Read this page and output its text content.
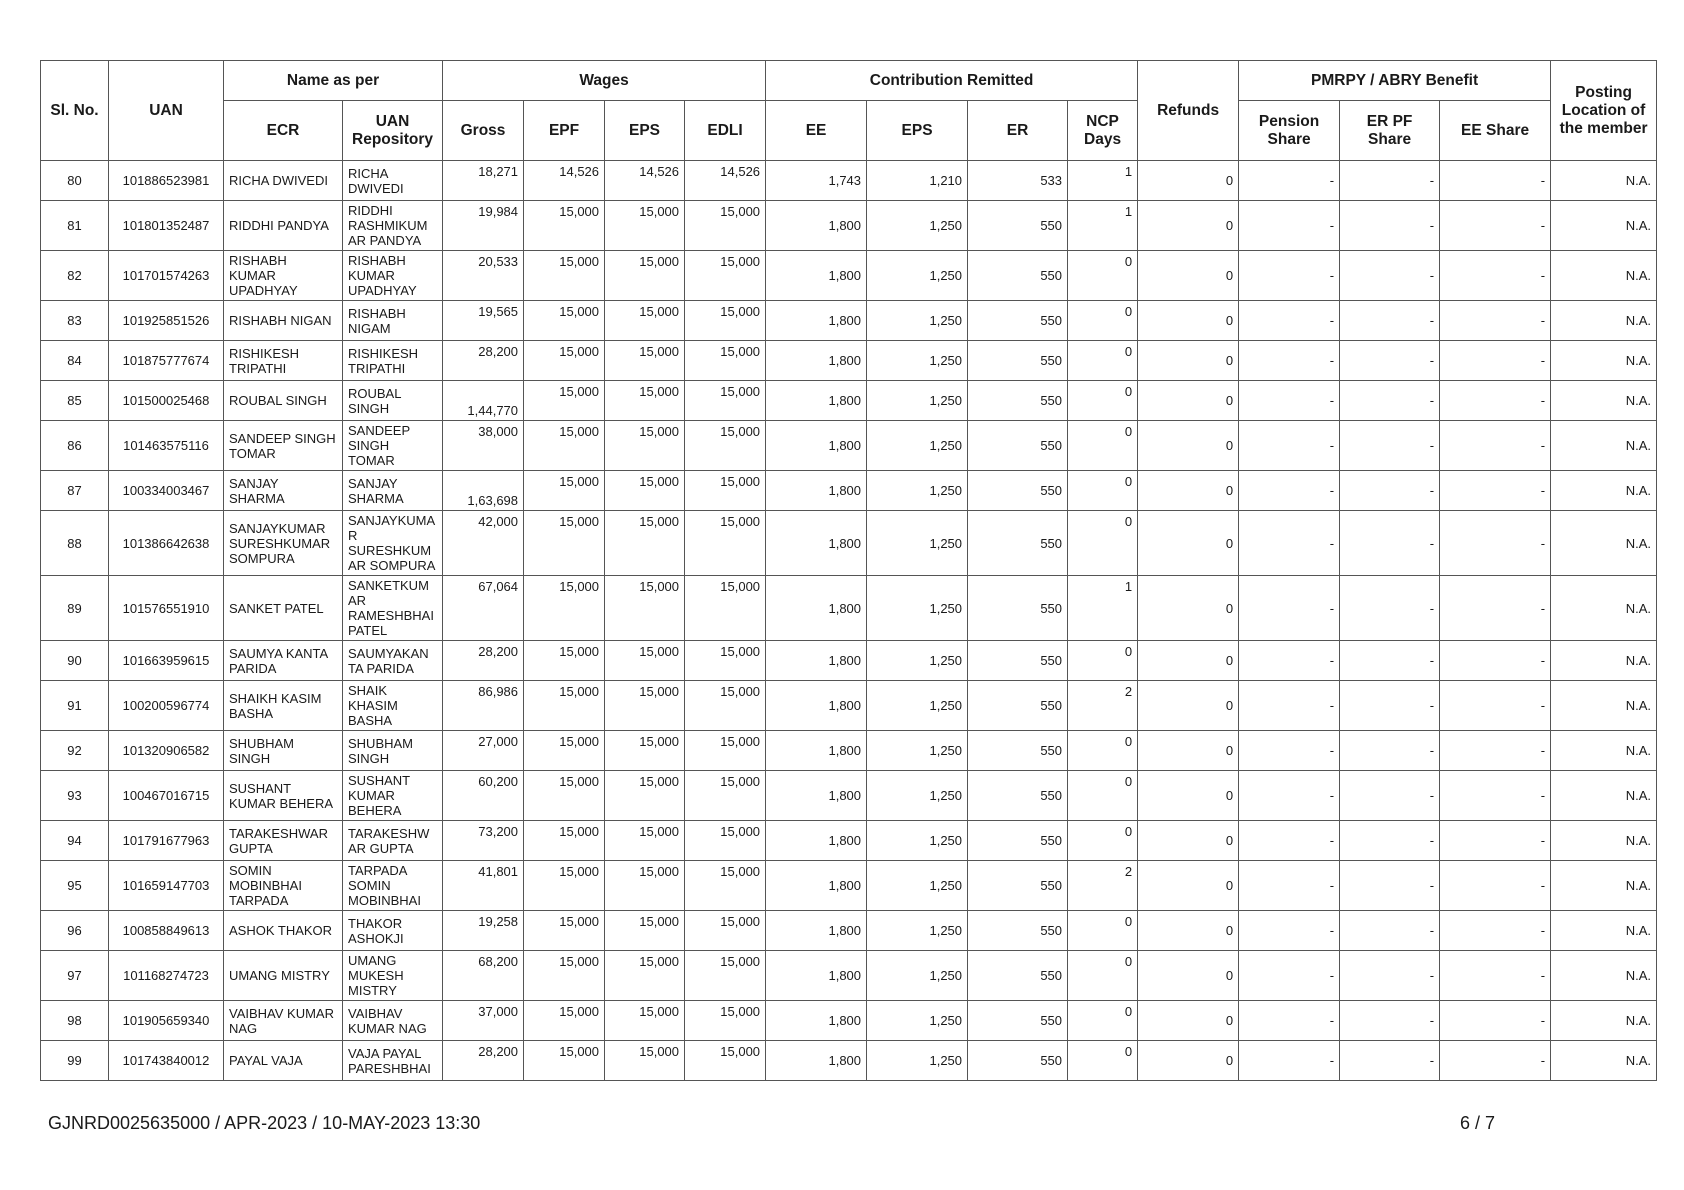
Sl. No.	UAN	Name as per		Wages				Contribution Remitted				Refunds	PMRPY / ABRY Benefit			Posting Location of the member
		ECR	UAN Repository	Gross	EPF	EPS	EDLI	EE	EPS	ER	NCP Days		Pension Share	ER PF Share	EE Share	
80	101886523981	RICHA DWIVEDI	RICHA DWIVEDI	18,271	14,526	14,526	14,526	1,743	1,210	533	1	0	-	-	-	N.A.
81	101801352487	RIDDHI PANDYA	RIDDHI RASHMIKUM AR PANDYA	19,984	15,000	15,000	15,000	1,800	1,250	550	1	0	-	-	-	N.A.
82	101701574263	RISHABH KUMAR UPADHYAY	RISHABH KUMAR UPADHYAY	20,533	15,000	15,000	15,000	1,800	1,250	550	0	0	-	-	-	N.A.
83	101925851526	RISHABH NIGAN	RISHABH NIGAM	19,565	15,000	15,000	15,000	1,800	1,250	550	0	0	-	-	-	N.A.
84	101875777674	RISHIKESH TRIPATHI	RISHIKESH TRIPATHI	28,200	15,000	15,000	15,000	1,800	1,250	550	0	0	-	-	-	N.A.
85	101500025468	ROUBAL SINGH	ROUBAL SINGH	1,44,770	15,000	15,000	15,000	1,800	1,250	550	0	0	-	-	-	N.A.
86	101463575116	SANDEEP SINGH TOMAR	SANDEEP SINGH TOMAR	38,000	15,000	15,000	15,000	1,800	1,250	550	0	0	-	-	-	N.A.
87	100334003467	SANJAY SHARMA	SANJAY SHARMA	1,63,698	15,000	15,000	15,000	1,800	1,250	550	0	0	-	-	-	N.A.
88	101386642638	SANJAYKUMAR SURESHKUMAR SOMPURA	SANJAYKUMA R SURESHKUM AR SOMPURA	42,000	15,000	15,000	15,000	1,800	1,250	550	0	0	-	-	-	N.A.
89	101576551910	SANKET PATEL	SANKETKUM AR RAMESHBHAI PATEL	67,064	15,000	15,000	15,000	1,800	1,250	550	1	0	-	-	-	N.A.
90	101663959615	SAUMYA KANTA PARIDA	SAUMYAKAN TA PARIDA	28,200	15,000	15,000	15,000	1,800	1,250	550	0	0	-	-	-	N.A.
91	100200596774	SHAIKH KASIM BASHA	SHAIK KHASIM BASHA	86,986	15,000	15,000	15,000	1,800	1,250	550	2	0	-	-	-	N.A.
92	101320906582	SHUBHAM SINGH	SHUBHAM SINGH	27,000	15,000	15,000	15,000	1,800	1,250	550	0	0	-	-	-	N.A.
93	100467016715	SUSHANT KUMAR BEHERA	SUSHANT KUMAR BEHERA	60,200	15,000	15,000	15,000	1,800	1,250	550	0	0	-	-	-	N.A.
94	101791677963	TARAKESHWAR GUPTA	TARAKESHW AR GUPTA	73,200	15,000	15,000	15,000	1,800	1,250	550	0	0	-	-	-	N.A.
95	101659147703	SOMIN MOBINBHAI TARPADA	TARPADA SOMIN MOBINBHAI	41,801	15,000	15,000	15,000	1,800	1,250	550	2	0	-	-	-	N.A.
96	100858849613	ASHOK THAKOR	THAKOR ASHOKJI	19,258	15,000	15,000	15,000	1,800	1,250	550	0	0	-	-	-	N.A.
97	101168274723	UMANG MISTRY	UMANG MUKESH MISTRY	68,200	15,000	15,000	15,000	1,800	1,250	550	0	0	-	-	-	N.A.
98	101905659340	VAIBHAV KUMAR NAG	VAIBHAV KUMAR NAG	37,000	15,000	15,000	15,000	1,800	1,250	550	0	0	-	-	-	N.A.
99	101743840012	PAYAL VAJA	VAJA PAYAL PARESHBHAI	28,200	15,000	15,000	15,000	1,800	1,250	550	0	0	-	-	-	N.A.
GJNRD0025635000 / APR-2023 / 10-MAY-2023 13:30	6 / 7
